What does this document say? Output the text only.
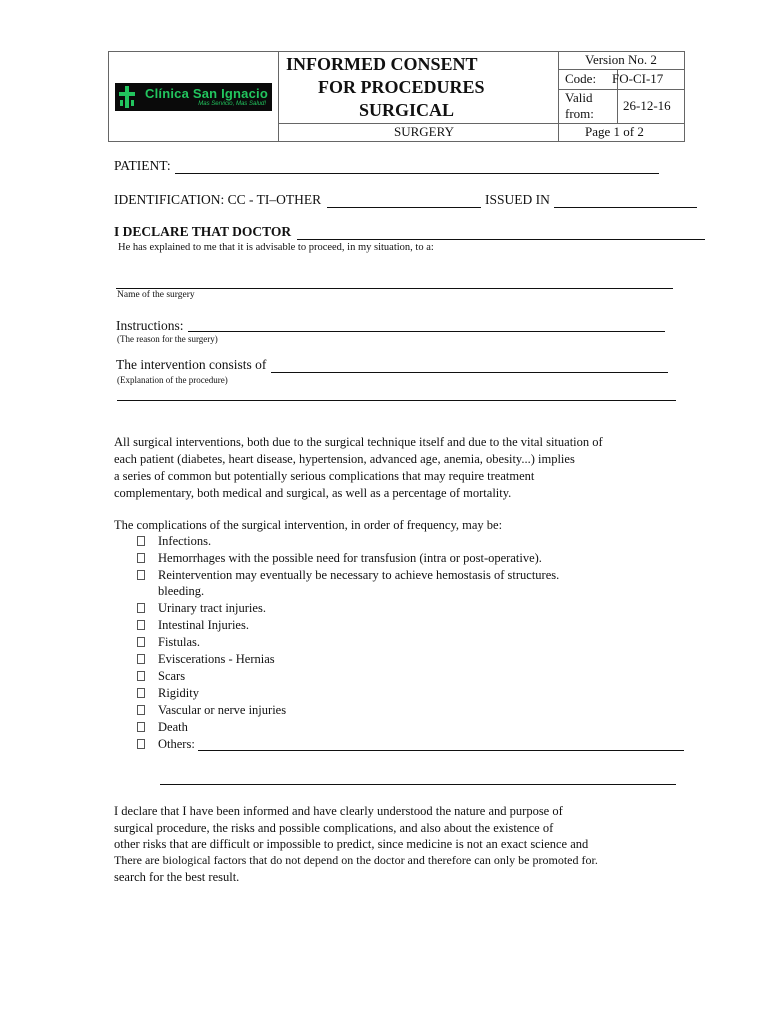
Clínica San Ignacio
Mas Servicio, Mas Salud!
INFORMED CONSENT
FOR PROCEDURES
SURGICAL
SURGERY
Version No. 2
Code: FO-CI-17
Valid
from:
26-12-16
Page 1 of 2
PATIENT:
IDENTIFICATION: CC - TI–OTHER	ISSUED IN
I DECLARE THAT DOCTOR
He has explained to me that it is advisable to proceed, in my situation, to a:
Name of the surgery
Instructions:
(The reason for the surgery)
The intervention consists of
(Explanation of the procedure)
All surgical interventions, both due to the surgical technique itself and due to the vital situation of
each patient (diabetes, heart disease, hypertension, advanced age, anemia, obesity...) implies
a series of common but potentially serious complications that may require treatment
complementary, both medical and surgical, as well as a percentage of mortality.
The complications of the surgical intervention, in order of frequency, may be:
Infections.
Hemorrhages with the possible need for transfusion (intra or post-operative).
Reintervention may eventually be necessary to achieve hemostasis of structures.
bleeding.
Urinary tract injuries.
Intestinal Injuries.
Fistulas.
Eviscerations - Hernias
Scars
Rigidity
Vascular or nerve injuries
Death
Others:
I declare that I have been informed and have clearly understood the nature and purpose of
surgical procedure, the risks and possible complications, and also about the existence of
other risks that are difficult or impossible to predict, since medicine is not an exact science and
There are biological factors that do not depend on the doctor and therefore can only be promoted for.
search for the best result.
